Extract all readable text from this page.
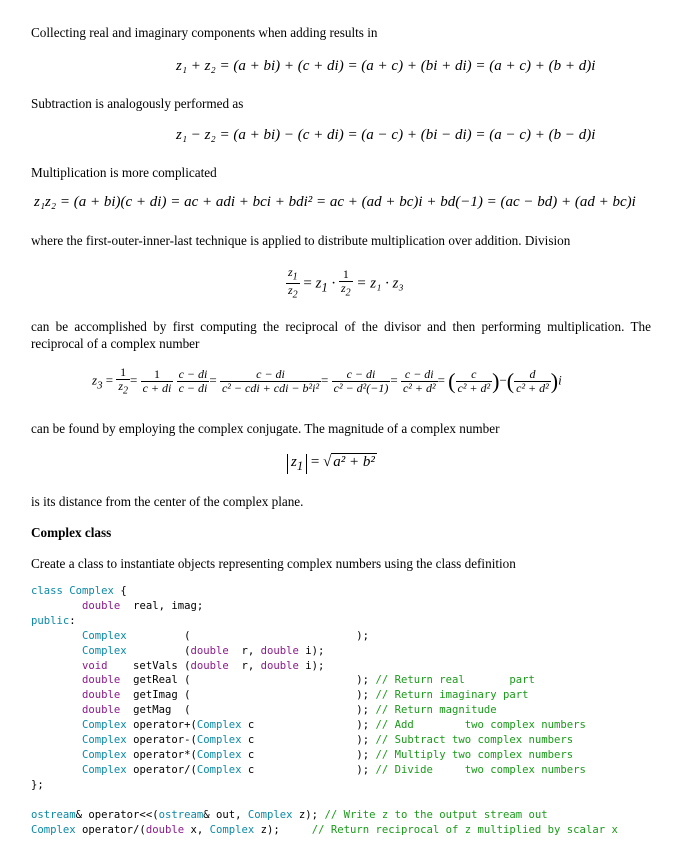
Collecting real and imaginary components when adding results in
z₁ + z₂ = (a + bi) + (c + di) = (a + c) + (bi + di) = (a + c) + (b + d)i
Subtraction is analogously performed as
z₁ − z₂ = (a + bi) − (c + di) = (a − c) + (bi − di) = (a − c) + (b − d)i
Multiplication is more complicated
z₁z₂ = (a + bi)(c + di) = ac + adi + bci + bdi² = ac + (ad + bc)i + bd(−1) = (ac − bd) + (ad + bc)i
where the first-outer-inner-last technique is applied to distribute multiplication over addition. Division
$\frac{z_1}{z_2} = z_1 \cdot \frac{1}{z_2} = z_1 \cdot z_3$
can be accomplished by first computing the reciprocal of the divisor and then performing multiplication. The reciprocal of a complex number
$z_3 = \frac{1}{z_2} = \frac{1}{c + di}$
$\frac{c - di}{c - di} = \frac{c - di}{\text{c² − cdi + cdi − b²i²}} = \frac{c - di}{\text{c² − d²(−1)}} = \frac{c - di}{\text{c² + d²}}$ = ( $\frac{c}{\text{c² + d²}}$ )−( $\frac{d}{\text{c² + d²}} )i$
can be found by employing the complex conjugate. The magnitude of a complex number
$z_1$ = √ a² + b²
is its distance from the center of the complex plane.
Complex class
Create a class to instantiate objects representing complex numbers using the class definition
class Complex {
double  real, imag;
public:
Complex         (                          );
Complex         (double  r, double i);
void    setVals (double  r, double i);
double  getReal (                          ); // Return real       part
double  getImag (                          ); // Return imaginary part
double  getMag  (                          ); // Return magnitude
Complex operator+(Complex c                ); // Add        two complex numbers
Complex operator-(Complex c                ); // Subtract two complex numbers
Complex operator*(Complex c                ); // Multiply two complex numbers
Complex operator/(Complex c                ); // Divide     two complex numbers
};

ostream& operator<<(ostream& out, Complex z); // Write z to the output stream out
Complex operator/(double x, Complex z);     // Return reciprocal of z multiplied by scalar x
